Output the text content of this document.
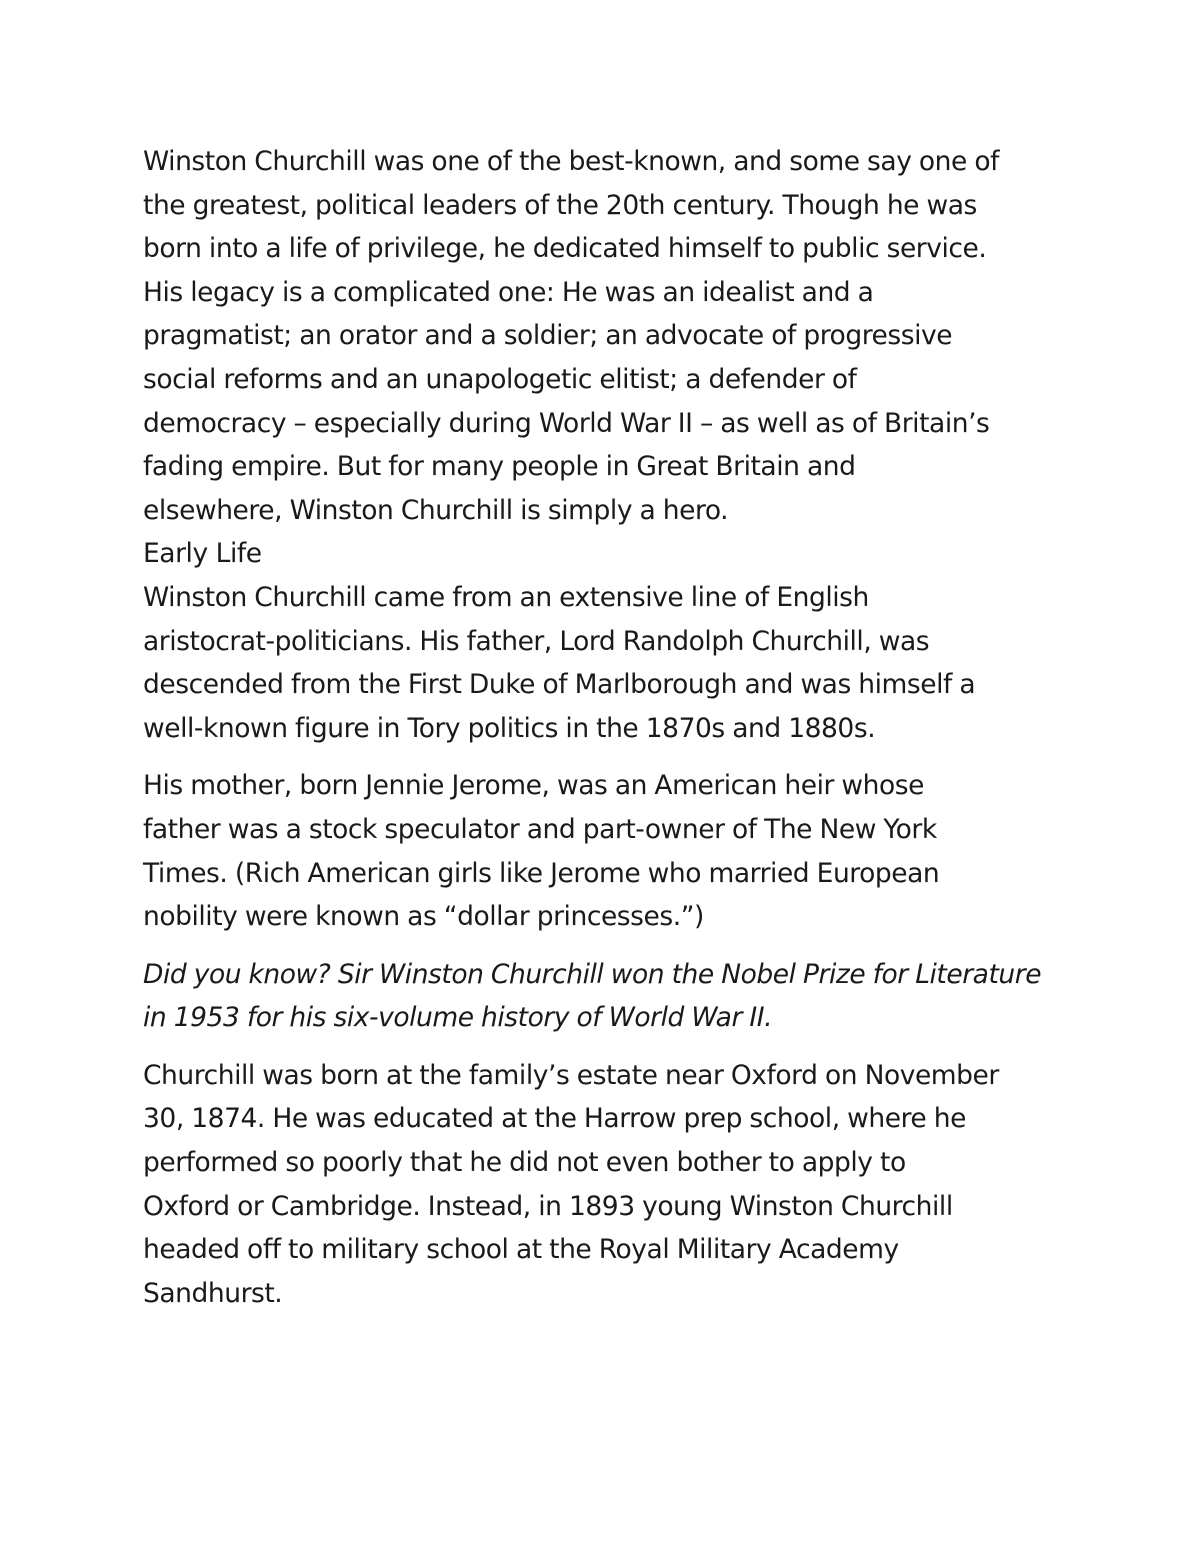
Winston Churchill was one of the best-known, and some say one of
the greatest, political leaders of the 20th century. Though he was
born into a life of privilege, he dedicated himself to public service.
His legacy is a complicated one: He was an idealist and a
pragmatist; an orator and a soldier; an advocate of progressive
social reforms and an unapologetic elitist; a defender of
democracy – especially during World War II – as well as of Britain’s
fading empire. But for many people in Great Britain and
elsewhere, Winston Churchill is simply a hero.

Early Life

Winston Churchill came from an extensive line of English
aristocrat-politicians. His father, Lord Randolph Churchill, was
descended from the First Duke of Marlborough and was himself a
well-known figure in Tory politics in the 1870s and 1880s.

His mother, born Jennie Jerome, was an American heir whose
father was a stock speculator and part-owner of The New York
Times. (Rich American girls like Jerome who married European
nobility were known as “dollar princesses.”)

Did you know? Sir Winston Churchill won the Nobel Prize for Literature
in 1953 for his six-volume history of World War II.

Churchill was born at the family’s estate near Oxford on November
30, 1874. He was educated at the Harrow prep school, where he
performed so poorly that he did not even bother to apply to
Oxford or Cambridge. Instead, in 1893 young Winston Churchill
headed off to military school at the Royal Military Academy
Sandhurst.
